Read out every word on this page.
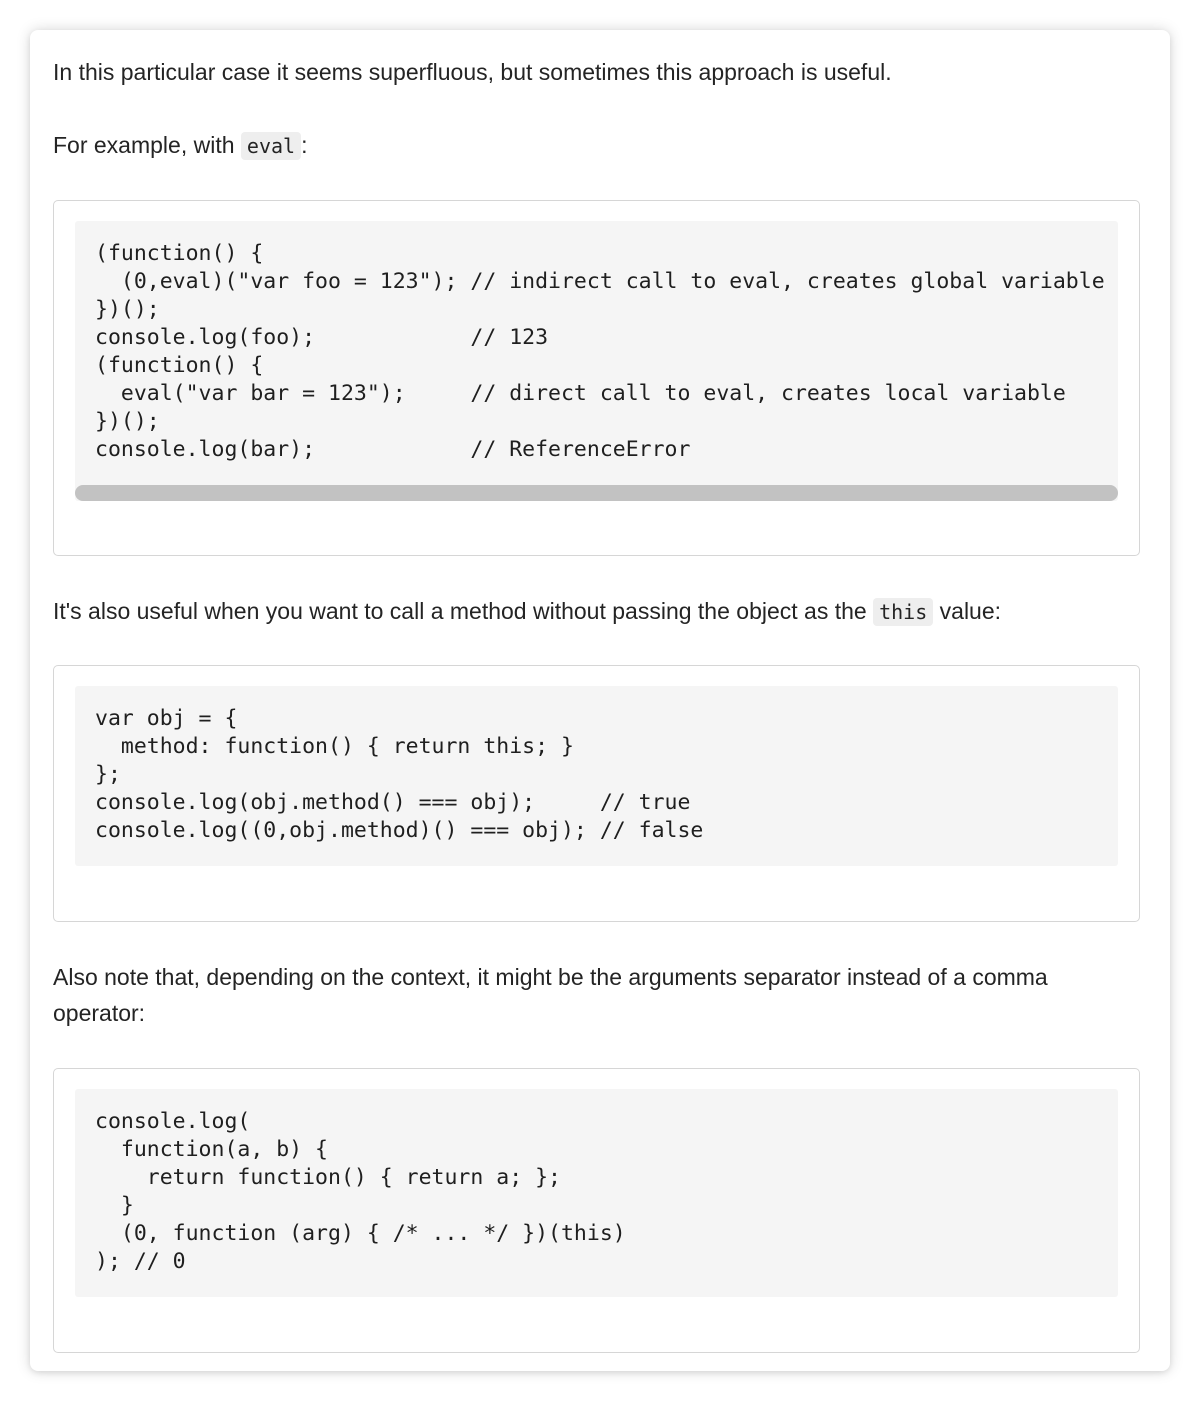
In this particular case it seems superfluous, but sometimes this approach is useful.

For example, with eval :

(function() {
(0,eval)("var foo = 123"); // indirect call to eval, creates global variable
})();
console.log(foo);            // 123
(function() {
eval("var bar = 123");     // direct call to eval, creates local variable
})();
console.log(bar);            // ReferenceError

It's also useful when you want to call a method without passing the object as the this value:

var obj = {
method: function() { return this; }
};
console.log(obj.method() === obj);     // true
console.log((0,obj.method)() === obj); // false

Also note that, depending on the context, it might be the arguments separator instead of a comma operator:

console.log(
function(a, b) {
return function() { return a; };
}
(0, function (arg) { /* ... */ })(this)
); // 0
